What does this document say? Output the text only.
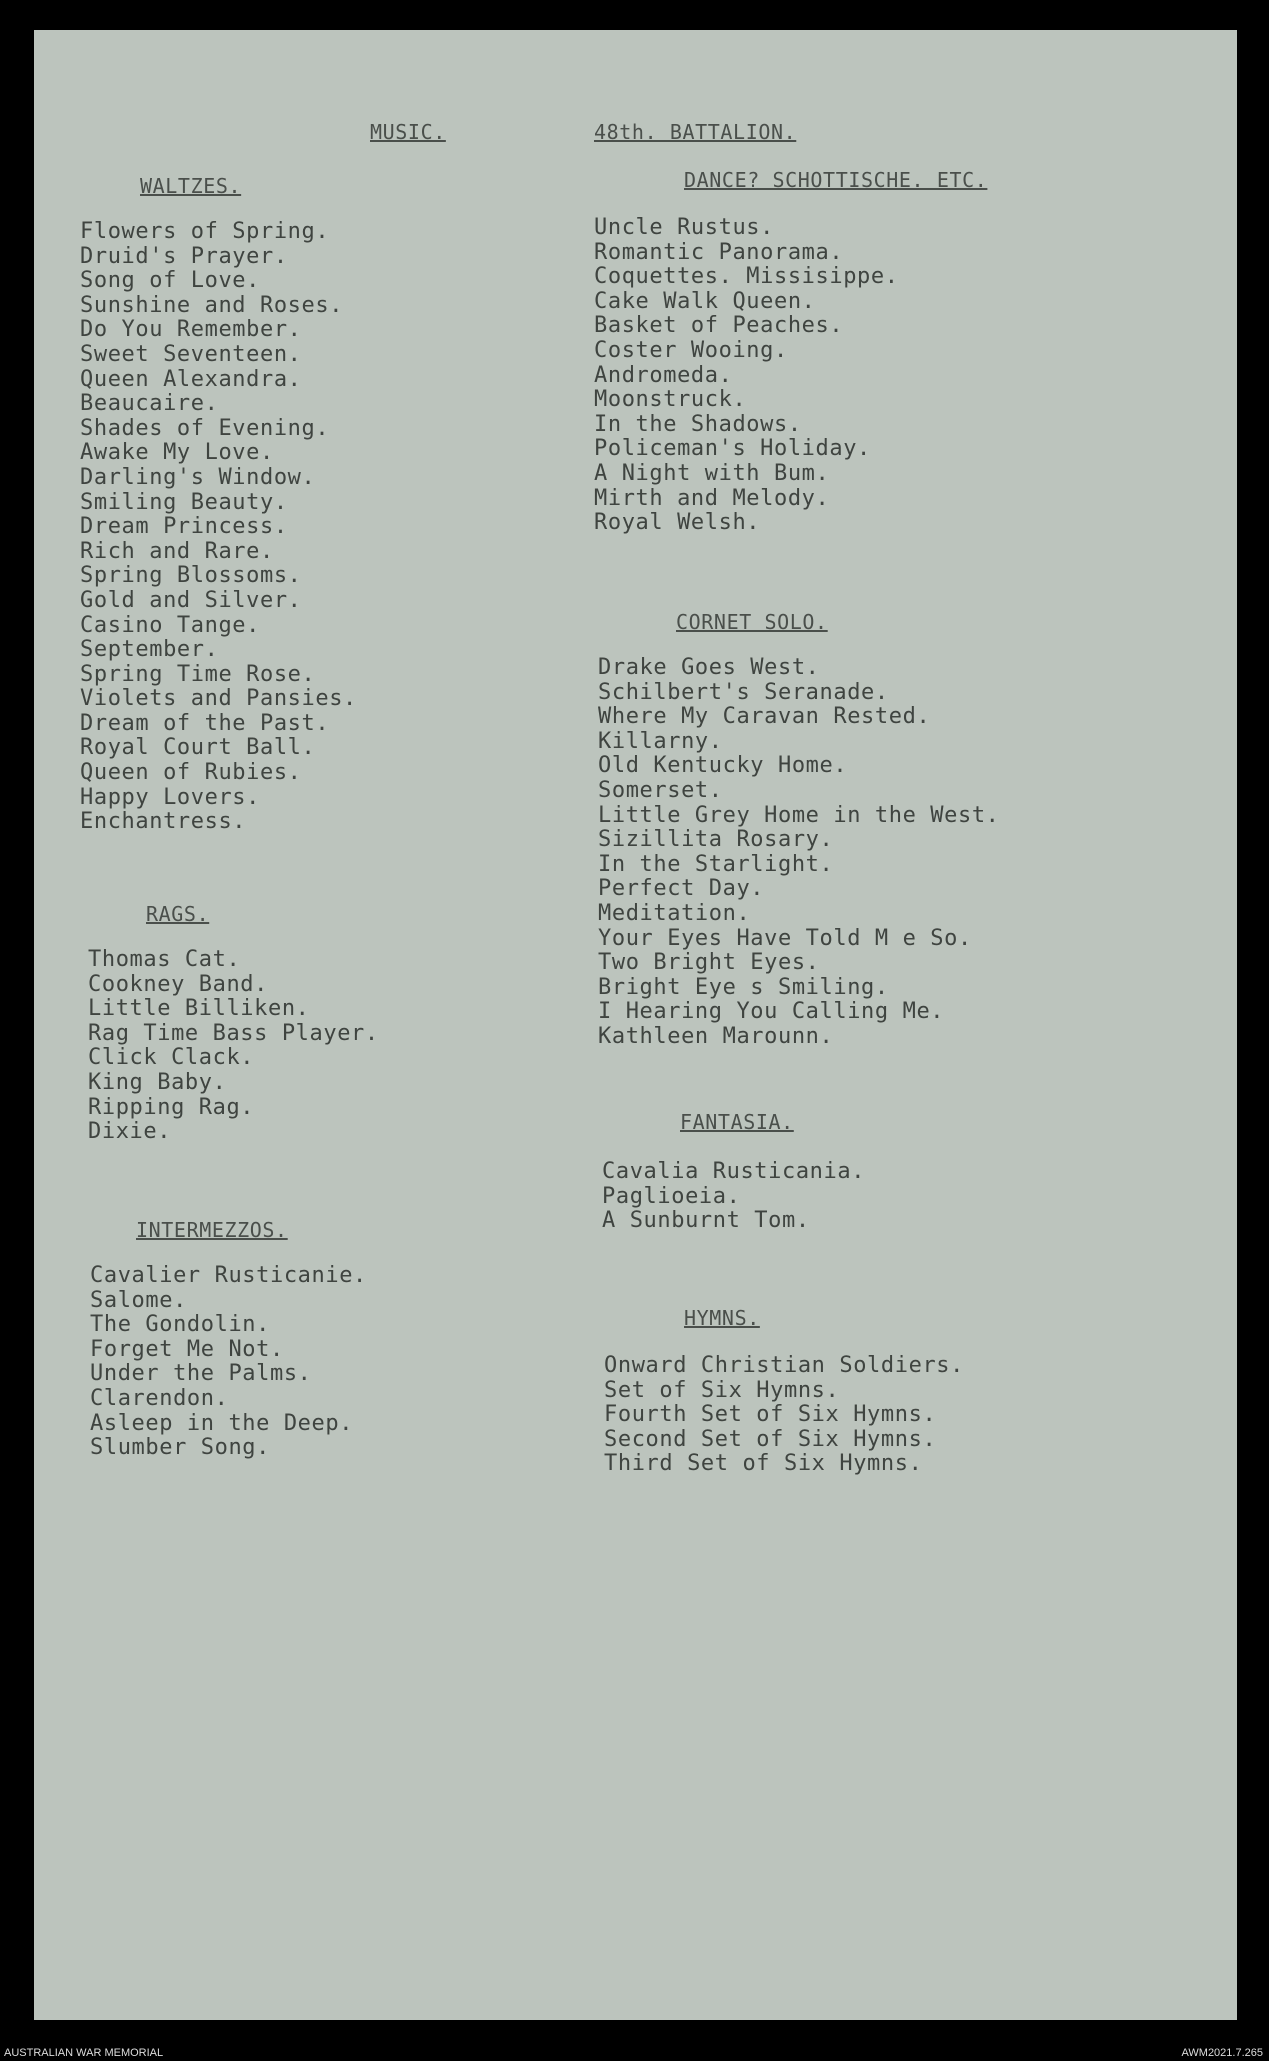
MUSIC.	48th. BATTALION.
WALTZES.
Flowers of Spring.
Druid's Prayer.
Song of Love.
Sunshine and Roses.
Do You Remember.
Sweet Seventeen.
Queen Alexandra.
Beaucaire.
Shades of Evening.
Awake My Love.
Darling's Window.
Smiling Beauty.
Dream Princess.
Rich and Rare.
Spring Blossoms.
Gold and Silver.
Casino Tange.
September.
Spring Time Rose.
Violets and Pansies.
Dream of the Past.
Royal Court Ball.
Queen of Rubies.
Happy Lovers.
Enchantress.
RAGS.
Thomas Cat.
Cookney Band.
Little Billiken.
Rag Time Bass Player.
Click Clack.
King Baby.
Ripping Rag.
Dixie.
INTERMEZZOS.
Cavalier Rusticanie.
Salome.
The Gondolin.
Forget Me Not.
Under the Palms.
Clarendon.
Asleep in the Deep.
Slumber Song.
DANCE? SCHOTTISCHE. ETC.
Uncle Rustus.
Romantic Panorama.
Coquettes. Missisippe.
Cake Walk Queen.
Basket of Peaches.
Coster Wooing.
Andromeda.
Moonstruck.
In the Shadows.
Policeman's Holiday.
A Night with Bum.
Mirth and Melody.
Royal Welsh.
CORNET SOLO.
Drake Goes West.
Schilbert's Seranade.
Where My Caravan Rested.
Killarny.
Old Kentucky Home.
Somerset.
Little Grey Home in the West.
Sizillita Rosary.
In the Starlight.
Perfect Day.
Meditation.
Your Eyes Have Told M e So.
Two Bright Eyes.
Bright Eye s Smiling.
I Hearing You Calling Me.
Kathleen Marounn.
FANTASIA.
Cavalia Rusticania.
Paglioeia.
A Sunburnt Tom.
HYMNS.
Onward Christian Soldiers.
Set of Six Hymns.
Fourth Set of Six Hymns.
Second Set of Six Hymns.
Third Set of Six Hymns.
AUSTRALIAN WAR MEMORIAL	AWM2021.7.265
